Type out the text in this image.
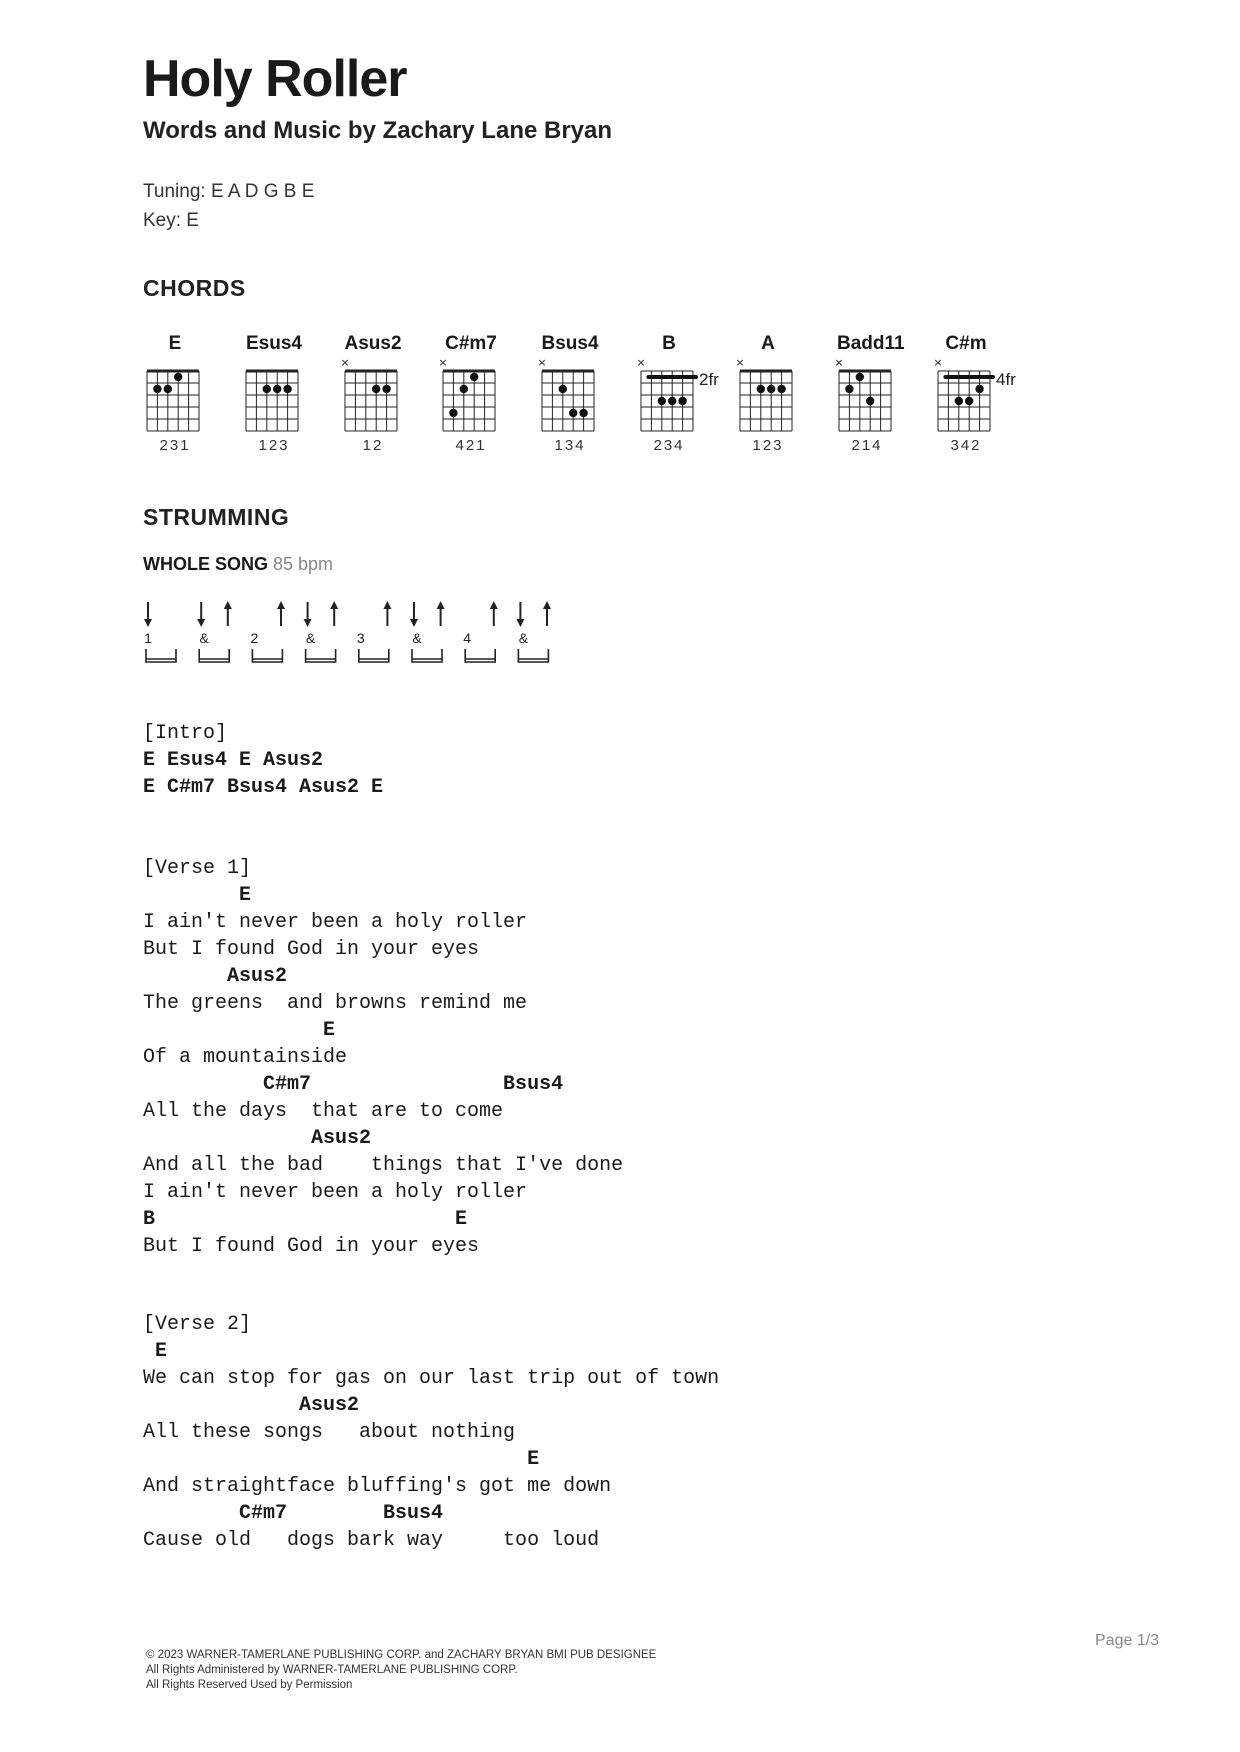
Holy Roller
Words and Music by Zachary Lane Bryan
Tuning: E A D G B E
Key: E
CHORDS
E
231
Esus4
123
Asus2
×
12
C#m7
×
421
Bsus4
×
134
B
×
2fr
234
A
×
123
Badd11
×
214
C#m
×
4fr
342
STRUMMING
WHOLE SONG 85 bpm
1	&	2	&	3	&	4	&
[Intro]
E Esus4 E Asus2
E C#m7 Bsus4 Asus2 E
[Verse 1]
E
I ain't never been a holy roller
But I found God in your eyes
Asus2
The greens  and browns remind me
E
Of a mountainside
C#m7                Bsus4
All the days  that are to come
Asus2
And all the bad    things that I've done
I ain't never been a holy roller
B                         E
But I found God in your eyes
[Verse 2]
E
We can stop for gas on our last trip out of town
Asus2
All these songs   about nothing
E
And straightface bluffing's got me down
C#m7        Bsus4
Cause old   dogs bark way     too loud
Page 1/3
© 2023 WARNER-TAMERLANE PUBLISHING CORP. and ZACHARY BRYAN BMI PUB DESIGNEE
All Rights Administered by WARNER-TAMERLANE PUBLISHING CORP.
All Rights Reserved Used by Permission
